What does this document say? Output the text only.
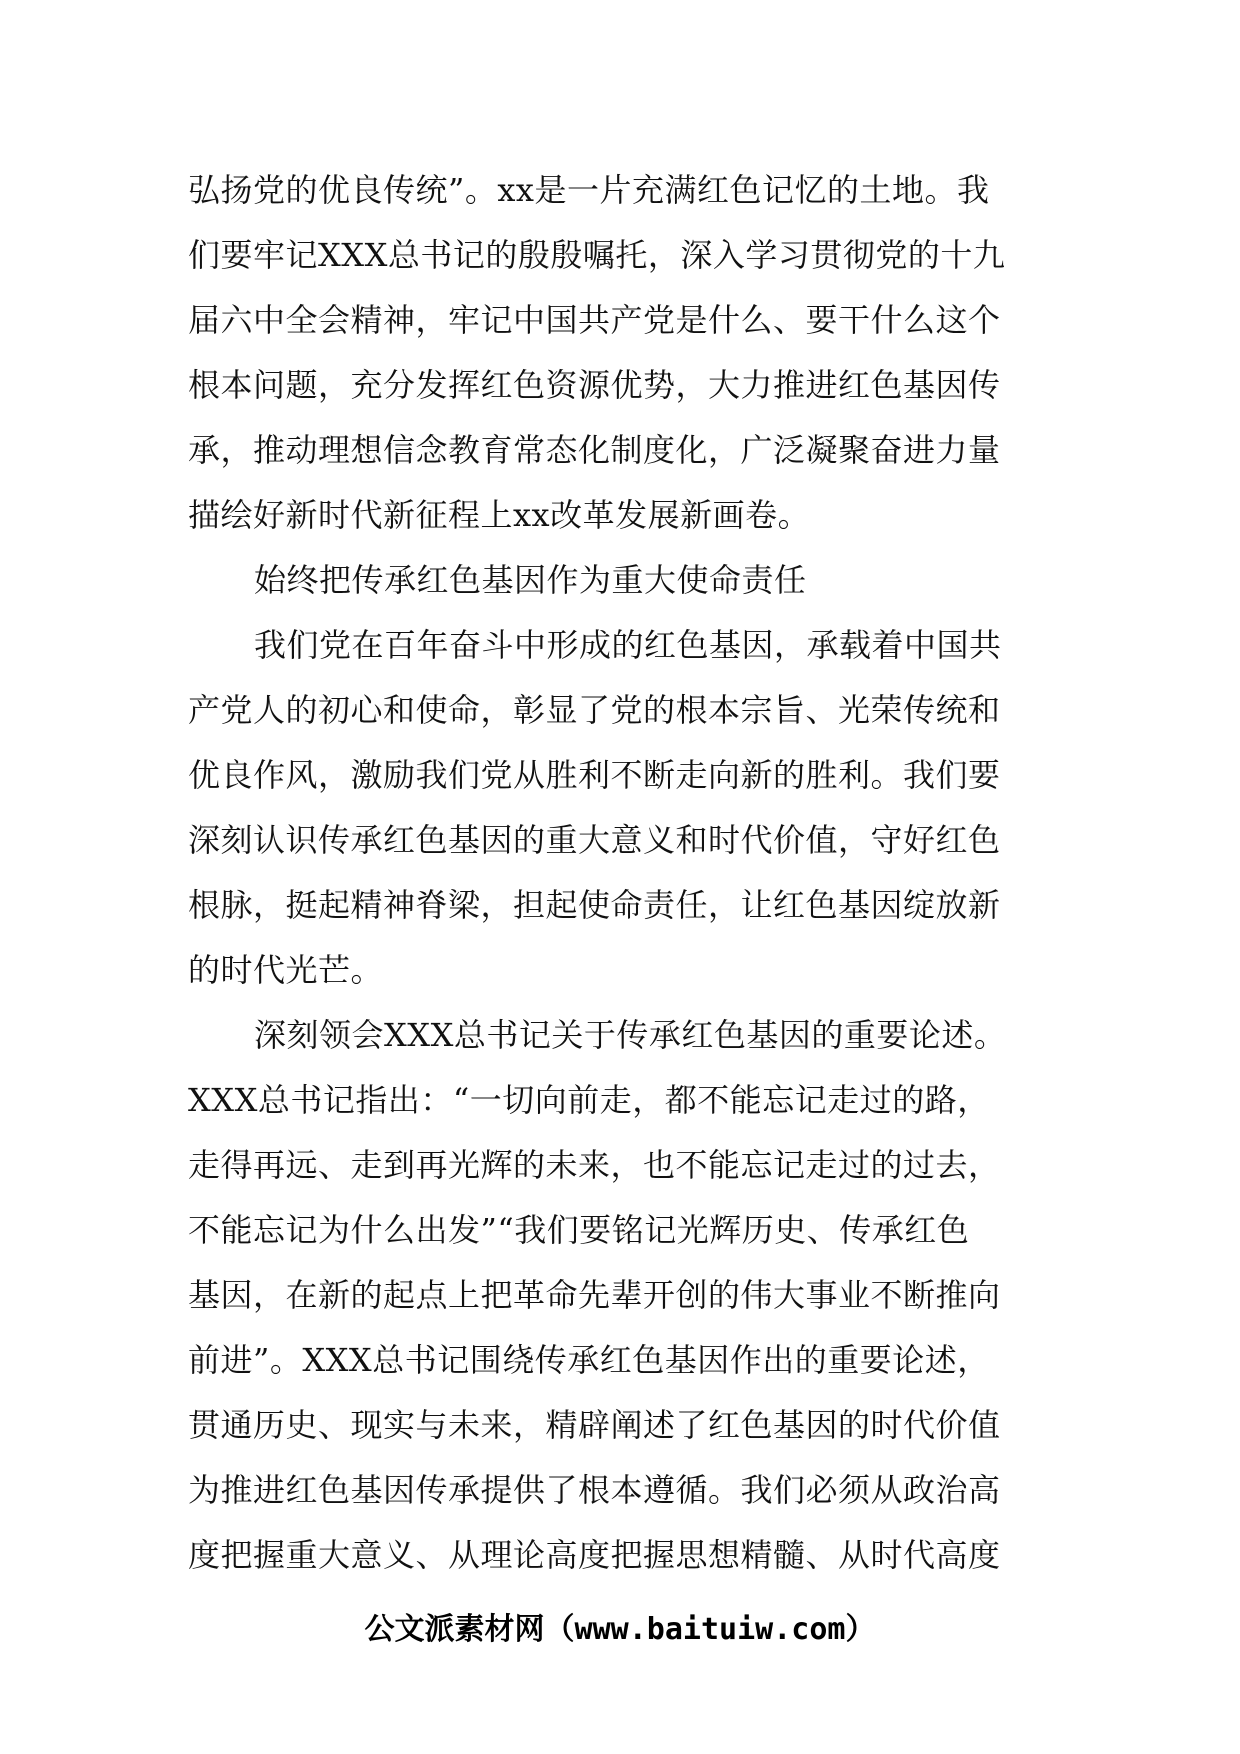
弘扬党的优良传统”。xx是一片充满红色记忆的土地。我
们要牢记XXX总书记的殷殷嘱托，深入学习贯彻党的十九
届六中全会精神，牢记中国共产党是什么、要干什么这个
根本问题，充分发挥红色资源优势，大力推进红色基因传
承，推动理想信念教育常态化制度化，广泛凝聚奋进力量
描绘好新时代新征程上xx改革发展新画卷。
始终把传承红色基因作为重大使命责任
我们党在百年奋斗中形成的红色基因，承载着中国共
产党人的初心和使命，彰显了党的根本宗旨、光荣传统和
优良作风，激励我们党从胜利不断走向新的胜利。我们要
深刻认识传承红色基因的重大意义和时代价值，守好红色
根脉，挺起精神脊梁，担起使命责任，让红色基因绽放新
的时代光芒。
深刻领会XXX总书记关于传承红色基因的重要论述。
XXX总书记指出：“一切向前走，都不能忘记走过的路，
走得再远、走到再光辉的未来，也不能忘记走过的过去，
不能忘记为什么出发”“我们要铭记光辉历史、传承红色
基因，在新的起点上把革命先辈开创的伟大事业不断推向
前进”。XXX总书记围绕传承红色基因作出的重要论述，
贯通历史、现实与未来，精辟阐述了红色基因的时代价值
为推进红色基因传承提供了根本遵循。我们必须从政治高
度把握重大意义、从理论高度把握思想精髓、从时代高度
公文派素材网（www.baituiw.com）
